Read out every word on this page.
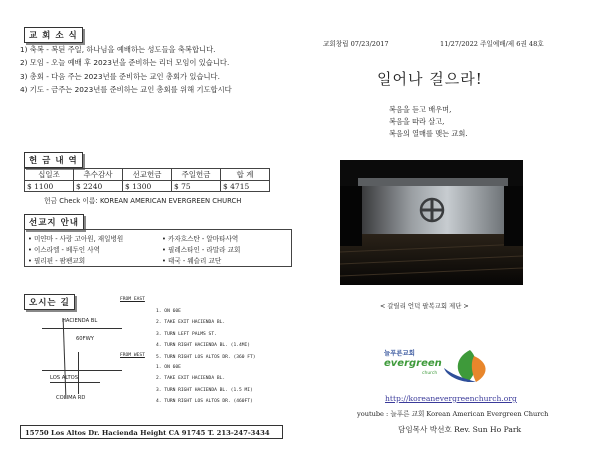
교 회 소 식
1) 축복 - 복된 주일, 하나님을 예배하는 성도들을 축복합니다.
2) 모임 - 오늘 예배 후 2023년을 준비하는 리더 모임이 있습니다.
3) 총회 - 다음 주는 2023년를 준비하는 교인 총회가 있습니다.
4) 기도 - 금주는 2023년를 준비하는 교인 총회를 위해 기도합시다
헌 금 내 역
십일조	추수감사	선교헌금	주일헌금	합 계
$ 1100	$ 2240	$ 1300	$ 75	$ 4715
헌금 Check 이름: KOREAN AMERICAN EVERGREEN CHURCH
선교지 안내
• 미얀마 - 사랑 고아원, 재일병원	• 카자흐스탄 - 알마타사역
• 이스라엘 - 베두인 사역	• 필레스타인 - 라말라 교회
• 필리핀 - 팜팬교회	• 태국 - 웨슬리 교단
오시는 길
HACIENDA BL
60FWY
LOS ALTOS
COLIMA RD
FROM EAST
1. ON 60E
2. TAKE EXIT HACIENDA BL.
3. TURN LEFT PALMS ST.
4. TURN RIGHT HACIENDA BL. (1.4MI)
5. TURN RIGHT LOS ALTOS DR. (360 FT)
FROM WEST
1. ON 60E
2. TAKE EXIT HACIENDA BL.
3. TURN RIGHT HACIENDA BL. (1.5 MI)
4. TURN RIGHT LOS ALTOS DR. (460FT)
15750 Los Altos Dr. Hacienda Height CA 91745 T. 213-247-3434
교회창립 07/23/2017	11/27/2022 주일예배/제 6권 48호
일어나 걸으라!
복음을 듣고 배우며,
복음을 따라 살고,
복음의 열매를 맺는 교회.
< 갈릴리 언덕 팔복교회 제단 >
늘푸른교회
evergreen
church
http://koreanevergreenchurch.org
youtube : 늘푸른 교회 Korean American Evergreen Church
담임목사 박선호 Rev. Sun Ho Park
